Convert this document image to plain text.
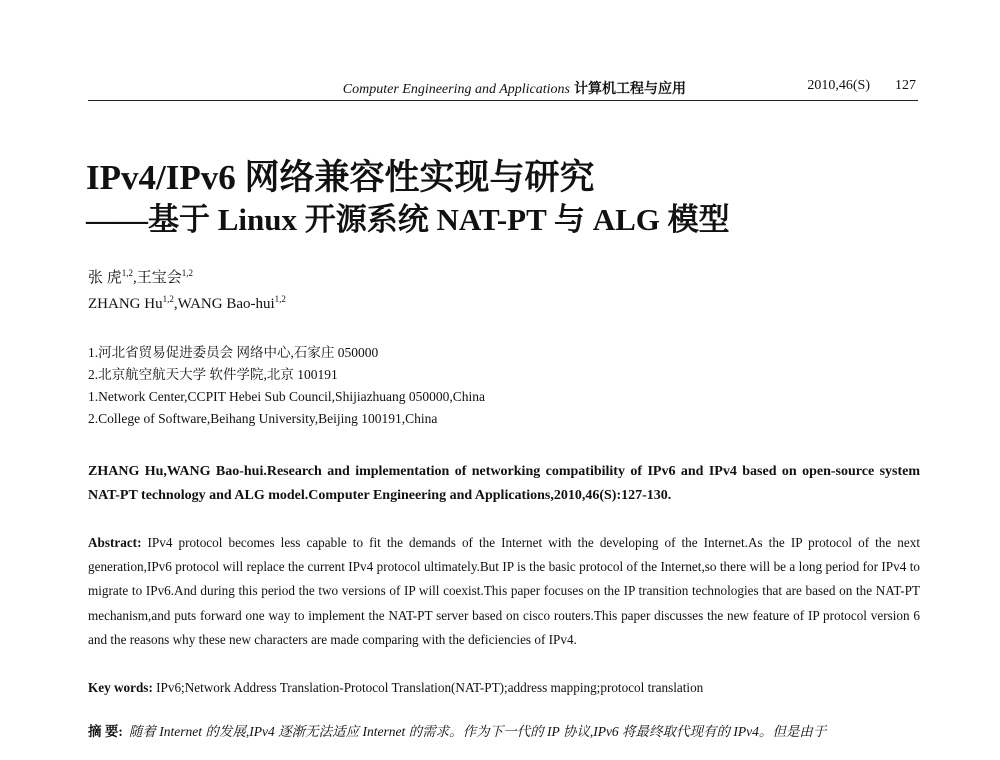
Computer Engineering and Applications 计算机工程与应用	2010,46(S) 127
IPv4/IPv6 网络兼容性实现与研究
——基于 Linux 开源系统 NAT-PT 与 ALG 模型
张 虎$^{1,2}$,王宝会$^{1,2}$
ZHANG Hu$^{1,2}$,WANG Bao-hui$^{1,2}$
1.河北省贸易促进委员会 网络中心,石家庄 050000
2.北京航空航天大学 软件学院,北京 100191
1.Network Center,CCPIT Hebei Sub Council,Shijiazhuang 050000,China
2.College of Software,Beihang University,Beijing 100191,China
ZHANG Hu,WANG Bao-hui.Research and implementation of networking compatibility of IPv6 and IPv4 based on open-source system NAT-PT technology and ALG model.Computer Engineering and Applications,2010,46(S):127-130.
Abstract: IPv4 protocol becomes less capable to fit the demands of the Internet with the developing of the Internet.As the IP protocol of the next generation,IPv6 protocol will replace the current IPv4 protocol ultimately.But IP is the basic protocol of the Internet,so there will be a long period for IPv4 to migrate to IPv6.And during this period the two versions of IP will coexist.This paper focuses on the IP transition technologies that are based on the NAT-PT mechanism,and puts forward one way to implement the NAT-PT server based on cisco routers.This paper discusses the new feature of IP protocol version 6 and the reasons why these new characters are made comparing with the deficiencies of IPv4.
Key words: IPv6;Network Address Translation-Protocol Translation(NAT-PT);address mapping;protocol translation
摘 要: 随着 Internet 的发展,IPv4 逐渐无法适应 Internet 的需求。作为下一代的 IP 协议,IPv6 将最终取代现有的 IPv4。但是由于
